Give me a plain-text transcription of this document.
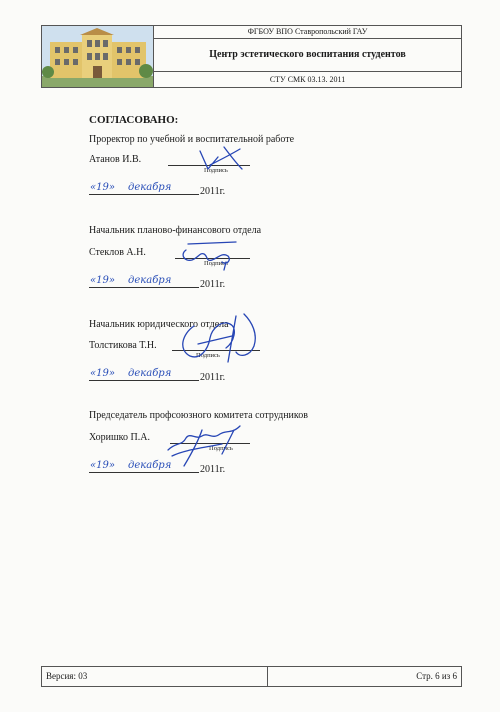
ФГБОУ ВПО Ставропольский ГАУ
Центр эстетического воспитания студентов
СТУ СМК 03.13. 2011
СОГЛАСОВАНО:
Проректор по учебной и воспитательной работе
Атанов И.В.
Подпись
«19» декабря	2011г.
Начальник планово-финансового отдела
Стеклов А.Н.
Подпись
«19» декабря	2011г.
Начальник юридического отдела
Толстикова Т.Н.
Подпись
«19» декабря	2011г.
Председатель профсоюзного комитета сотрудников
Хоришко П.А.
Подпись
«19» декабря	2011г.
Версия: 03	Стр. 6 из 6
